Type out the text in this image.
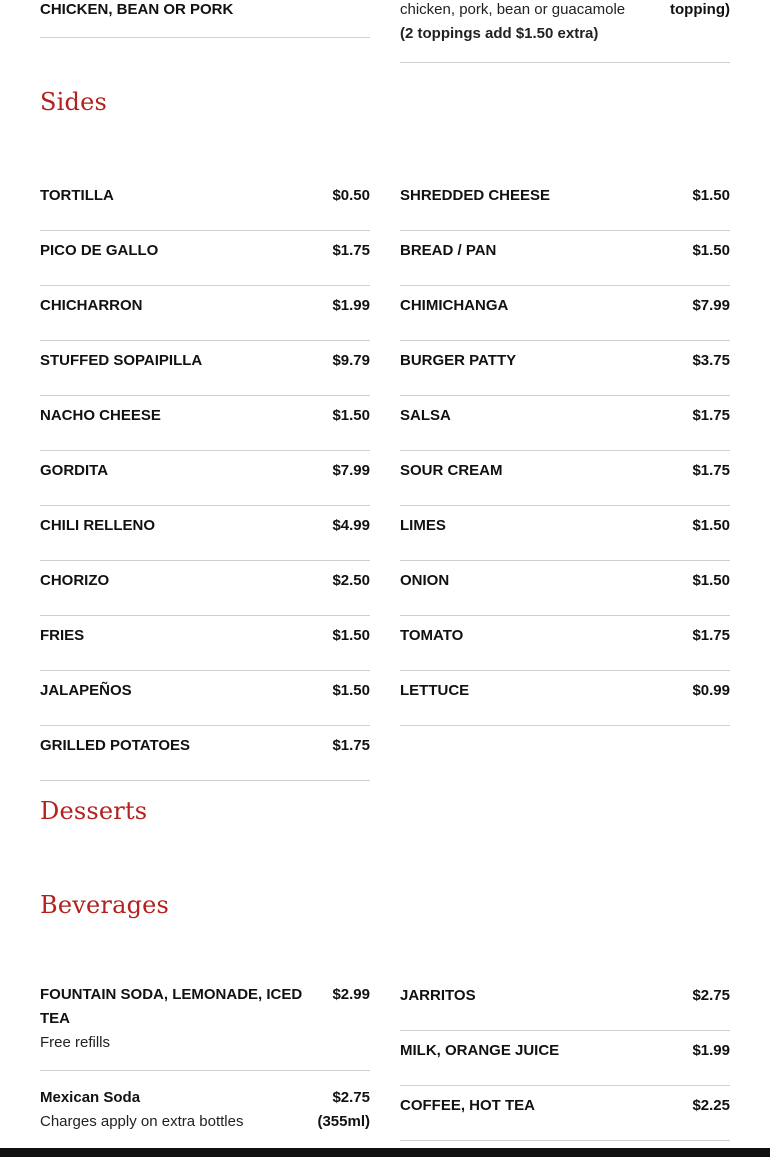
CHICKEN, BEAN OR PORK	chicken, pork, bean or guacamole	topping)
(2 toppings add $1.50 extra)
Sides
TORTILLA	$0.50
PICO DE GALLO	$1.75
CHICHARRON	$1.99
STUFFED SOPAIPILLA	$9.79
NACHO CHEESE	$1.50
GORDITA	$7.99
CHILI RELLENO	$4.99
CHORIZO	$2.50
FRIES	$1.50
JALAPEÑOS	$1.50
GRILLED POTATOES	$1.75
SHREDDED CHEESE	$1.50
BREAD / PAN	$1.50
CHIMICHANGA	$7.99
BURGER PATTY	$3.75
SALSA	$1.75
SOUR CREAM	$1.75
LIMES	$1.50
ONION	$1.50
TOMATO	$1.75
LETTUCE	$0.99
Desserts
Beverages
FOUNTAIN SODA, LEMONADE, ICED
TEA
$2.99
Free refills
Mexican Soda	$2.75
Charges apply on extra bottles	(355ml)
JARRITOS	$2.75
MILK, ORANGE JUICE	$1.99
COFFEE, HOT TEA	$2.25
